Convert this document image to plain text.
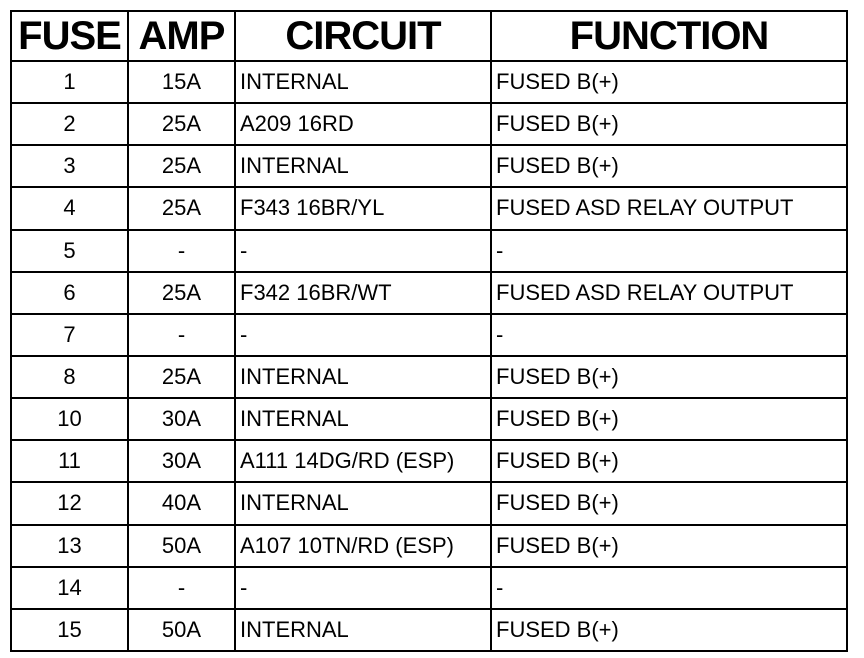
FUSE	AMP	CIRCUIT	FUNCTION
1	15A	INTERNAL	FUSED B(+)
2	25A	A209 16RD	FUSED B(+)
3	25A	INTERNAL	FUSED B(+)
4	25A	F343 16BR/YL	FUSED ASD RELAY OUTPUT
5	-	-	-
6	25A	F342 16BR/WT	FUSED ASD RELAY OUTPUT
7	-	-	-
8	25A	INTERNAL	FUSED B(+)
10	30A	INTERNAL	FUSED B(+)
11	30A	A111 14DG/RD (ESP)	FUSED B(+)
12	40A	INTERNAL	FUSED B(+)
13	50A	A107 10TN/RD (ESP)	FUSED B(+)
14	-	-	-
15	50A	INTERNAL	FUSED B(+)
